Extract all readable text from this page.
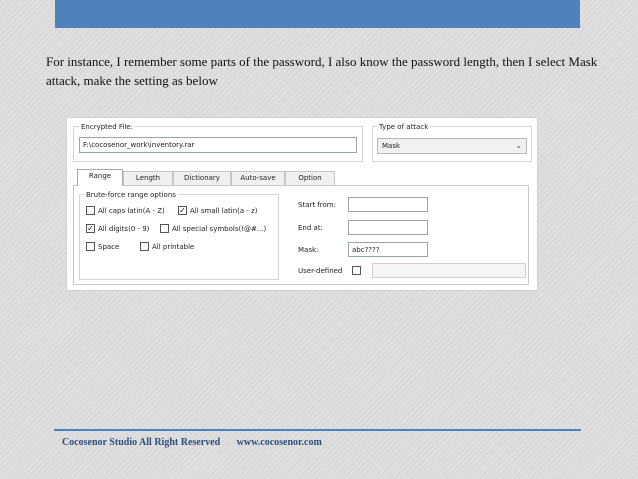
For instance, I remember some parts of the password, I also know the password length, then I select Mask attack, make the setting as below

Encrypted File:
F:\cocosenor_work\inventory.rar
Type of attack
Mask	⌄
Range	Length	Dictionary	Auto-save	Option
Brute-force range options
All caps latin(A - Z) ✓ All small latin(a - z)
✓ All digits(0 - 9)	All special symbols(!@#...)
Space	All printable
Start from:
End at:
Mask:	abc????
User-defined
Cocosenor Studio All Right Reserved www.cocosenor.com
